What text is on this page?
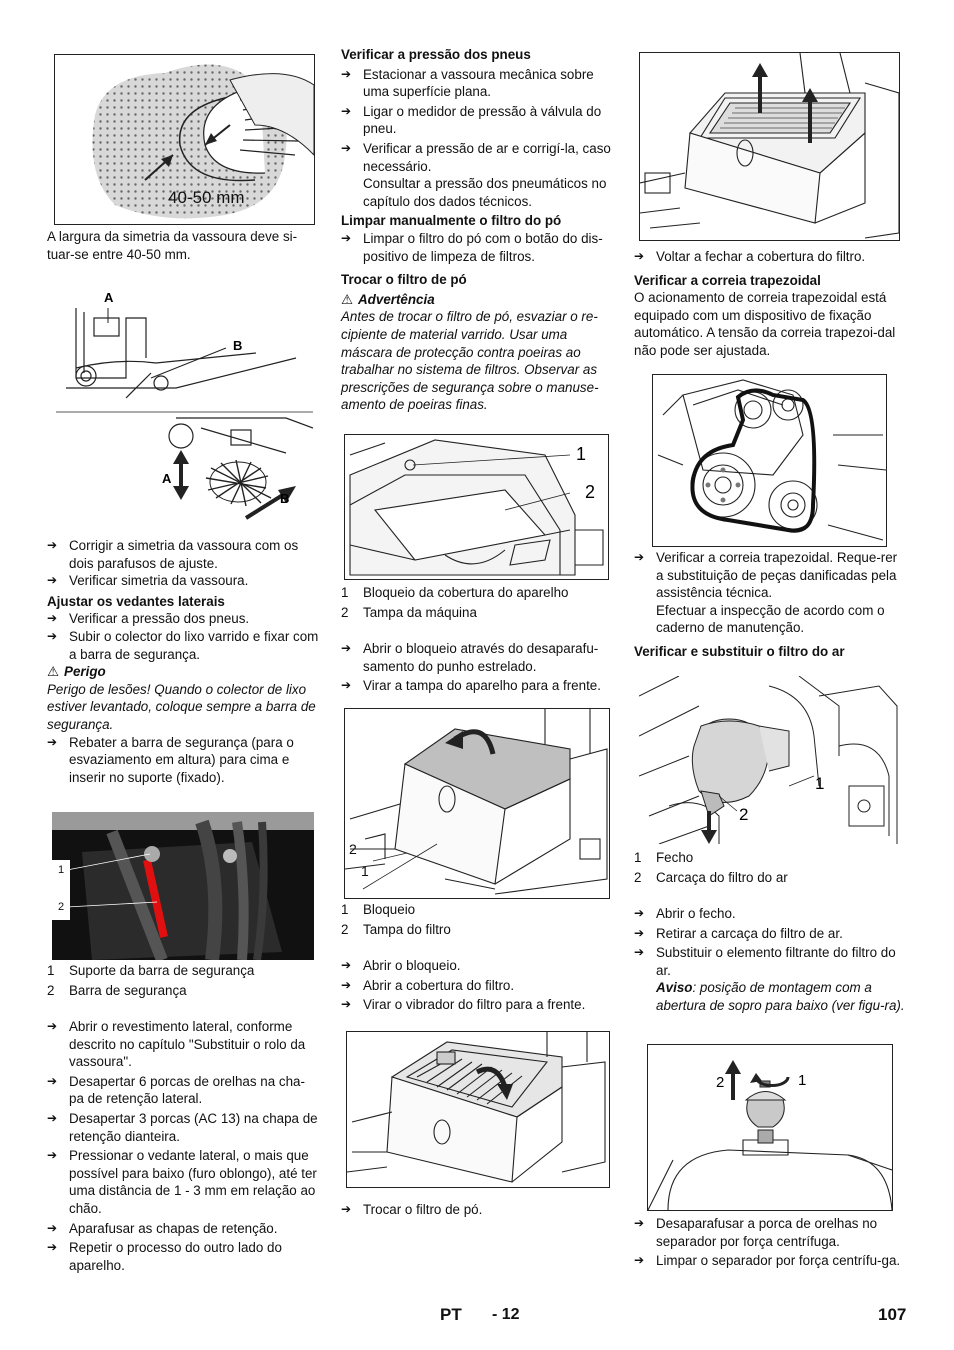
40-50 mm
A largura da simetria da vassoura deve si-tuar-se entre 40-50 mm.
A
B
A
B

➔ Corrigir a simetria da vassoura com os dois parafusos de ajuste.

➔ Verificar simetria da vassoura.

Ajustar os vedantes laterais

➔ Verificar a pressão dos pneus.

➔ Subir o colector do lixo varrido e fixar com a barra de segurança.

⚠ Perigo

Perigo de lesões! Quando o colector de lixo estiver levantado, coloque sempre a barra de segurança.

➔ Rebater a barra de segurança (para o esvaziamento em altura) para cima e inserir no suporte (fixado).

1
2

1	Suporte da barra de segurança

2	Barra de segurança

➔ Abrir o revestimento lateral, conforme descrito no capítulo "Substituir o rolo da vassoura".

➔ Desapertar 6 porcas de orelhas na cha-pa de retenção lateral.

➔ Desapertar 3 porcas (AC 13) na chapa de retenção dianteira.

➔ Pressionar o vedante lateral, o mais que possível para baixo (furo oblongo), até ter uma distância de 1 - 3 mm em relação ao chão.

➔ Aparafusar as chapas de retenção.

➔ Repetir o processo do outro lado do aparelho.

Verificar a pressão dos pneus

➔ Estacionar a vassoura mecânica sobre uma superfície plana.

➔ Ligar o medidor de pressão à válvula do pneu.

➔ Verificar a pressão de ar e corrigí-la, caso necessário.

Consultar a pressão dos pneumáticos no capítulo dos dados técnicos.

Limpar manualmente o filtro do pó

➔ Limpar o filtro do pó com o botão do dis-positivo de limpeza de filtros.

Trocar o filtro de pó

⚠ Advertência

Antes de trocar o filtro de pó, esvaziar o re-cipiente de material varrido. Usar uma máscara de protecção contra poeiras ao trabalhar no sistema de filtros. Observar as prescrições de segurança sobre o manuse-amento de poeiras finas.

1
2

1	Bloqueio da cobertura do aparelho

2	Tampa da máquina

➔ Abrir o bloqueio através do desaparafu-samento do punho estrelado.

➔ Virar a tampa do aparelho para a frente.

2
1

1	Bloqueio

2	Tampa do filtro

➔ Abrir o bloqueio.

➔ Abrir a cobertura do filtro.

➔ Virar o vibrador do filtro para a frente.

➔ Trocar o filtro de pó.

➔ Voltar a fechar a cobertura do filtro.

Verificar a correia trapezoidal

O acionamento de correia trapezoidal está equipado com um dispositivo de fixação automático. A tensão da correia trapezoi-dal não pode ser ajustada.

➔ Verificar a correia trapezoidal. Reque-rer a substituição de peças danificadas pela assistência técnica.

Efectuar a inspecção de acordo com o caderno de manutenção.

Verificar e substituir o filtro do ar

1
2

1	Fecho

2	Carcaça do filtro do ar

➔ Abrir o fecho.

➔ Retirar a carcaça do filtro de ar.

➔ Substituir o elemento filtrante do filtro do ar.

Aviso: posição de montagem com a abertura de sopro para baixo (ver figu-ra).

2	1

➔ Desaparafusar a porca de orelhas no separador por força centrífuga.

➔ Limpar o separador por força centrífu-ga.

PT - 12	107
